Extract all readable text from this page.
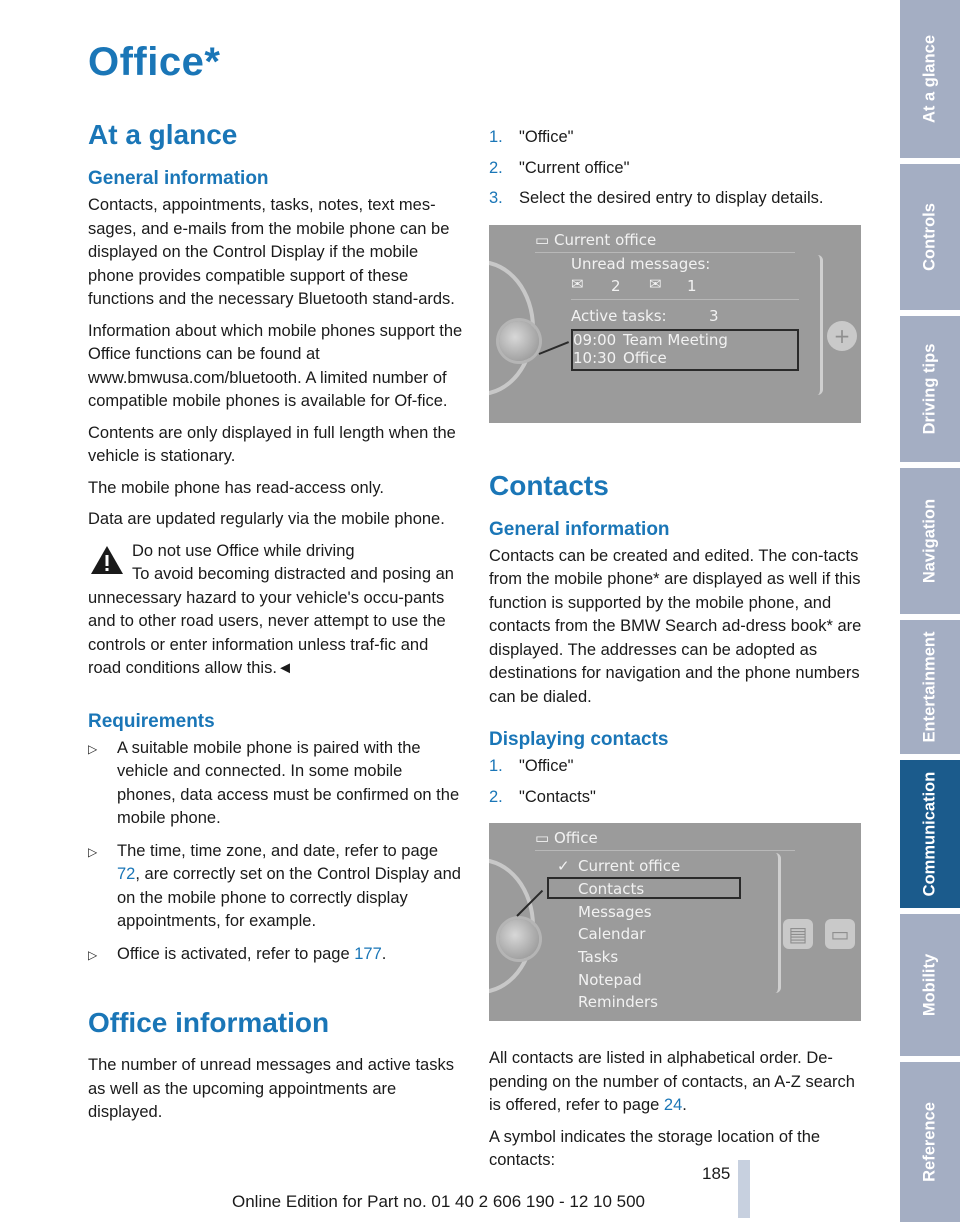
Office*
At a glance
General information

Contacts, appointments, tasks, notes, text mes-sages, and e-mails from the mobile phone can be displayed on the Control Display if the mobile phone provides compatible support of these functions and the necessary Bluetooth stand-ards.

Information about which mobile phones support the Office functions can be found at www.bmwusa.com/bluetooth. A limited number of compatible mobile phones is available for Of-fice.

Contents are only displayed in full length when the vehicle is stationary.

The mobile phone has read-access only.

Data are updated regularly via the mobile phone.

Do not use Office while driving
To avoid becoming distracted and posing an unnecessary hazard to your vehicle's occu-pants and to other road users, never attempt to use the controls or enter information unless traf-fic and road conditions allow this.◄
Requirements
▷	A suitable mobile phone is paired with the vehicle and connected. In some mobile phones, data access must be confirmed on the mobile phone.
▷	The time, time zone, and date, refer to page 72, are correctly set on the Control Display and on the mobile phone to correctly display appointments, for example.
▷	Office is activated, refer to page 177.
Office information

The number of unread messages and active tasks as well as the upcoming appointments are displayed.

1. "Office"
2. "Current office"
3. Select the desired entry to display details.
+
▭ Current office
Unread messages:
✉ 2 ✉ 1
Active tasks:	3
09:00 Team Meeting
10:30 Office
Contacts
General information

Contacts can be created and edited. The con-tacts from the mobile phone* are displayed as well if this function is supported by the mobile phone, and contacts from the BMW Search ad-dress book* are displayed. The addresses can be adopted as destinations for navigation and the phone numbers can be dialed.

Displaying contacts
1. "Office"
2. "Contacts"
▤ ▭
▭ Office
✓ Current office
Contacts
Messages
Calendar
Tasks
Notepad
Reminders

All contacts are listed in alphabetical order. De-pending on the number of contacts, an A-Z search is offered, refer to page 24.

A symbol indicates the storage location of the contacts:

At a glance
Controls
Driving tips
Navigation
Entertainment
Communication
Mobility
Reference
185
Online Edition for Part no. 01 40 2 606 190 - 12 10 500
